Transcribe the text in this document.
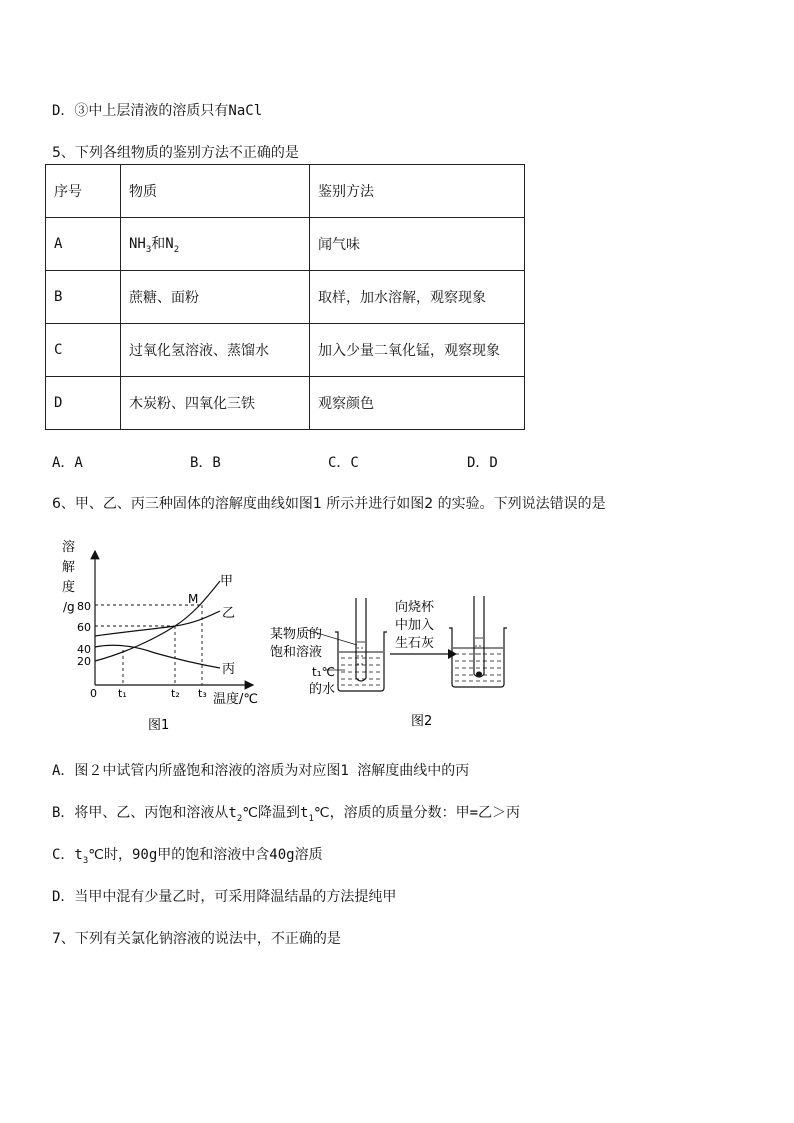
D．③中上层清液的溶质只有NaCl
5、下列各组物质的鉴别方法不正确的是
序号	物质	鉴别方法
A	$NH_3$和$N_2$	闻气味
B	蔗糖、面粉	取样，加水溶解，观察现象
C	过氧化氢溶液、蒸馏水	加入少量二氧化锰，观察现象
D	木炭粉、四氧化三铁	观察颜色
A．A	B．B	C．C	D．D
6、甲、乙、丙三种固体的溶解度曲线如图1 所示并进行如图2 的实验。下列说法错误的是
溶
解
度
/g 80
60
40
20
M
甲
乙
丙
0 t₁	t₂ t₃ 温度/℃
图1
某物质的
饱和溶液
t₁℃
的水
向烧杯
中加入
生石灰
图2
A．图２中试管内所盛饱和溶液的溶质为对应图1 溶解度曲线中的丙
B．将甲、乙、丙饱和溶液从$t_2℃$降温到$t_1℃$，溶质的质量分数：甲=乙＞丙
C．$t_3℃$时，90g甲的饱和溶液中含40g溶质
D．当甲中混有少量乙时，可采用降温结晶的方法提纯甲
7、下列有关氯化钠溶液的说法中，不正确的是
